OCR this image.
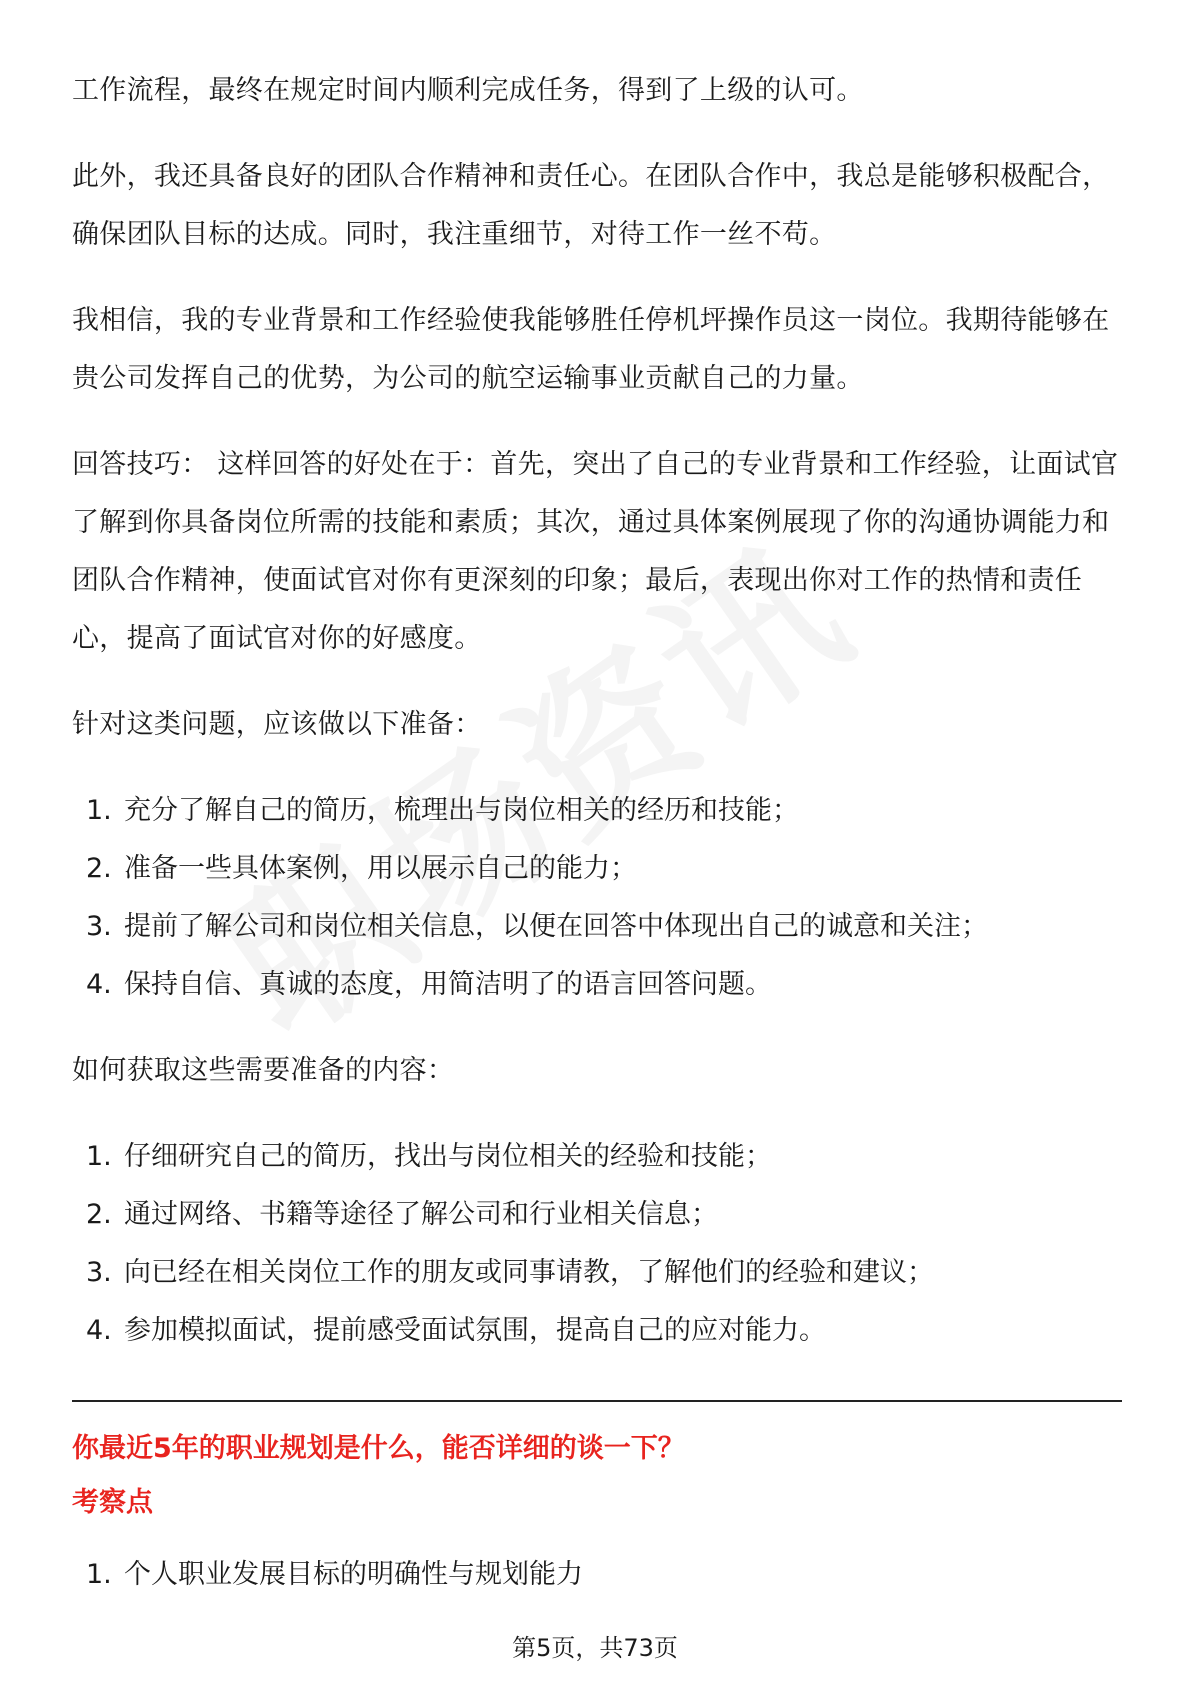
工作流程，最终在规定时间内顺利完成任务，得到了上级的认可。

此外，我还具备良好的团队合作精神和责任心。在团队合作中，我总是能够积极配合，确保团队目标的达成。同时，我注重细节，对待工作一丝不苟。

我相信，我的专业背景和工作经验使我能够胜任停机坪操作员这一岗位。我期待能够在贵公司发挥自己的优势，为公司的航空运输事业贡献自己的力量。

回答技巧： 这样回答的好处在于：首先，突出了自己的专业背景和工作经验，让面试官了解到你具备岗位所需的技能和素质；其次，通过具体案例展现了你的沟通协调能力和团队合作精神，使面试官对你有更深刻的印象；最后，表现出你对工作的热情和责任心，提高了面试官对你的好感度。

针对这类问题，应该做以下准备：

1. 充分了解自己的简历，梳理出与岗位相关的经历和技能；
2. 准备一些具体案例，用以展示自己的能力；
3. 提前了解公司和岗位相关信息，以便在回答中体现出自己的诚意和关注；
4. 保持自信、真诚的态度，用简洁明了的语言回答问题。

如何获取这些需要准备的内容：

1. 仔细研究自己的简历，找出与岗位相关的经验和技能；
2. 通过网络、书籍等途径了解公司和行业相关信息；
3. 向已经在相关岗位工作的朋友或同事请教，了解他们的经验和建议；
4. 参加模拟面试，提前感受面试氛围，提高自己的应对能力。

你最近5年的职业规划是什么，能否详细的谈一下？

考察点

1. 个人职业发展目标的明确性与规划能力
第5页，共73页
